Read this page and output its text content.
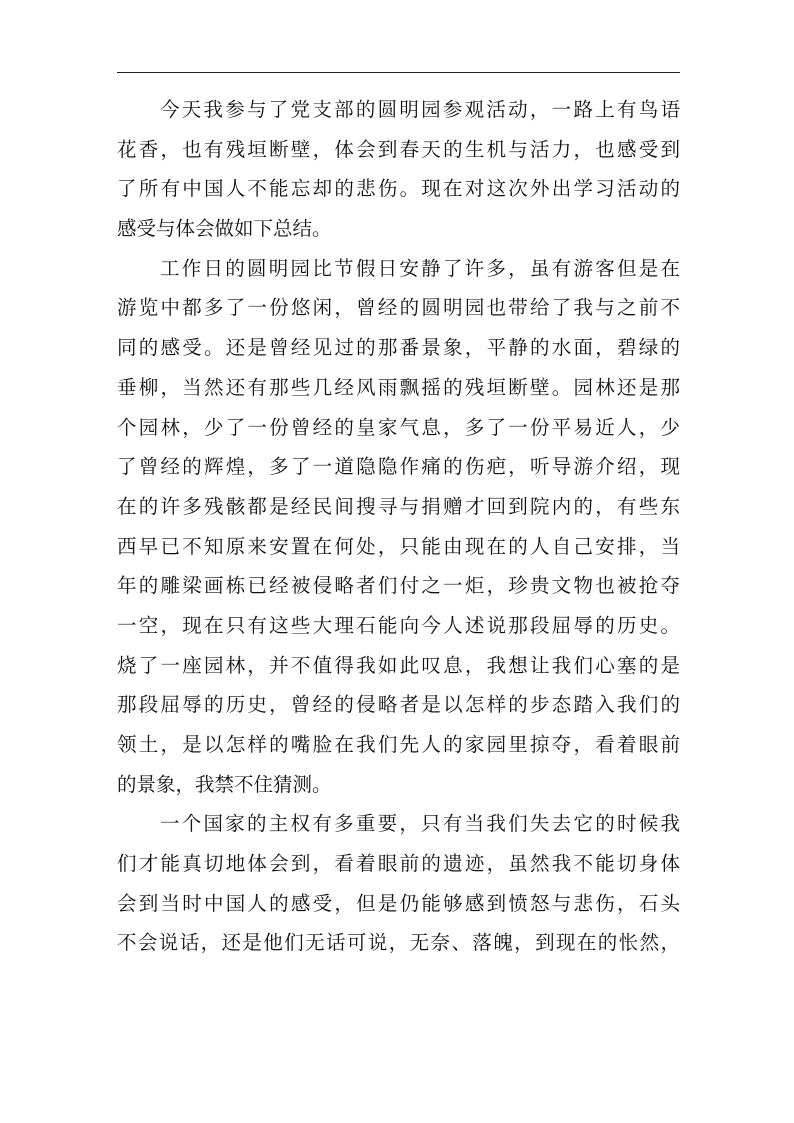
今天我参与了党支部的圆明园参观活动，一路上有鸟语
花香，也有残垣断壁，体会到春天的生机与活力，也感受到
了所有中国人不能忘却的悲伤。现在对这次外出学习活动的
感受与体会做如下总结。
工作日的圆明园比节假日安静了许多，虽有游客但是在
游览中都多了一份悠闲，曾经的圆明园也带给了我与之前不
同的感受。还是曾经见过的那番景象，平静的水面，碧绿的
垂柳，当然还有那些几经风雨飘摇的残垣断壁。园林还是那
个园林，少了一份曾经的皇家气息，多了一份平易近人，少
了曾经的辉煌，多了一道隐隐作痛的伤疤，听导游介绍，现
在的许多残骸都是经民间搜寻与捐赠才回到院内的，有些东
西早已不知原来安置在何处，只能由现在的人自己安排，当
年的雕梁画栋已经被侵略者们付之一炬，珍贵文物也被抢夺
一空，现在只有这些大理石能向今人述说那段屈辱的历史。
烧了一座园林，并不值得我如此叹息，我想让我们心塞的是
那段屈辱的历史，曾经的侵略者是以怎样的步态踏入我们的
领土，是以怎样的嘴脸在我们先人的家园里掠夺，看着眼前
的景象，我禁不住猜测。
一个国家的主权有多重要，只有当我们失去它的时候我
们才能真切地体会到，看着眼前的遗迹，虽然我不能切身体
会到当时中国人的感受，但是仍能够感到愤怒与悲伤，石头
不会说话，还是他们无话可说，无奈、落魄，到现在的怅然，
